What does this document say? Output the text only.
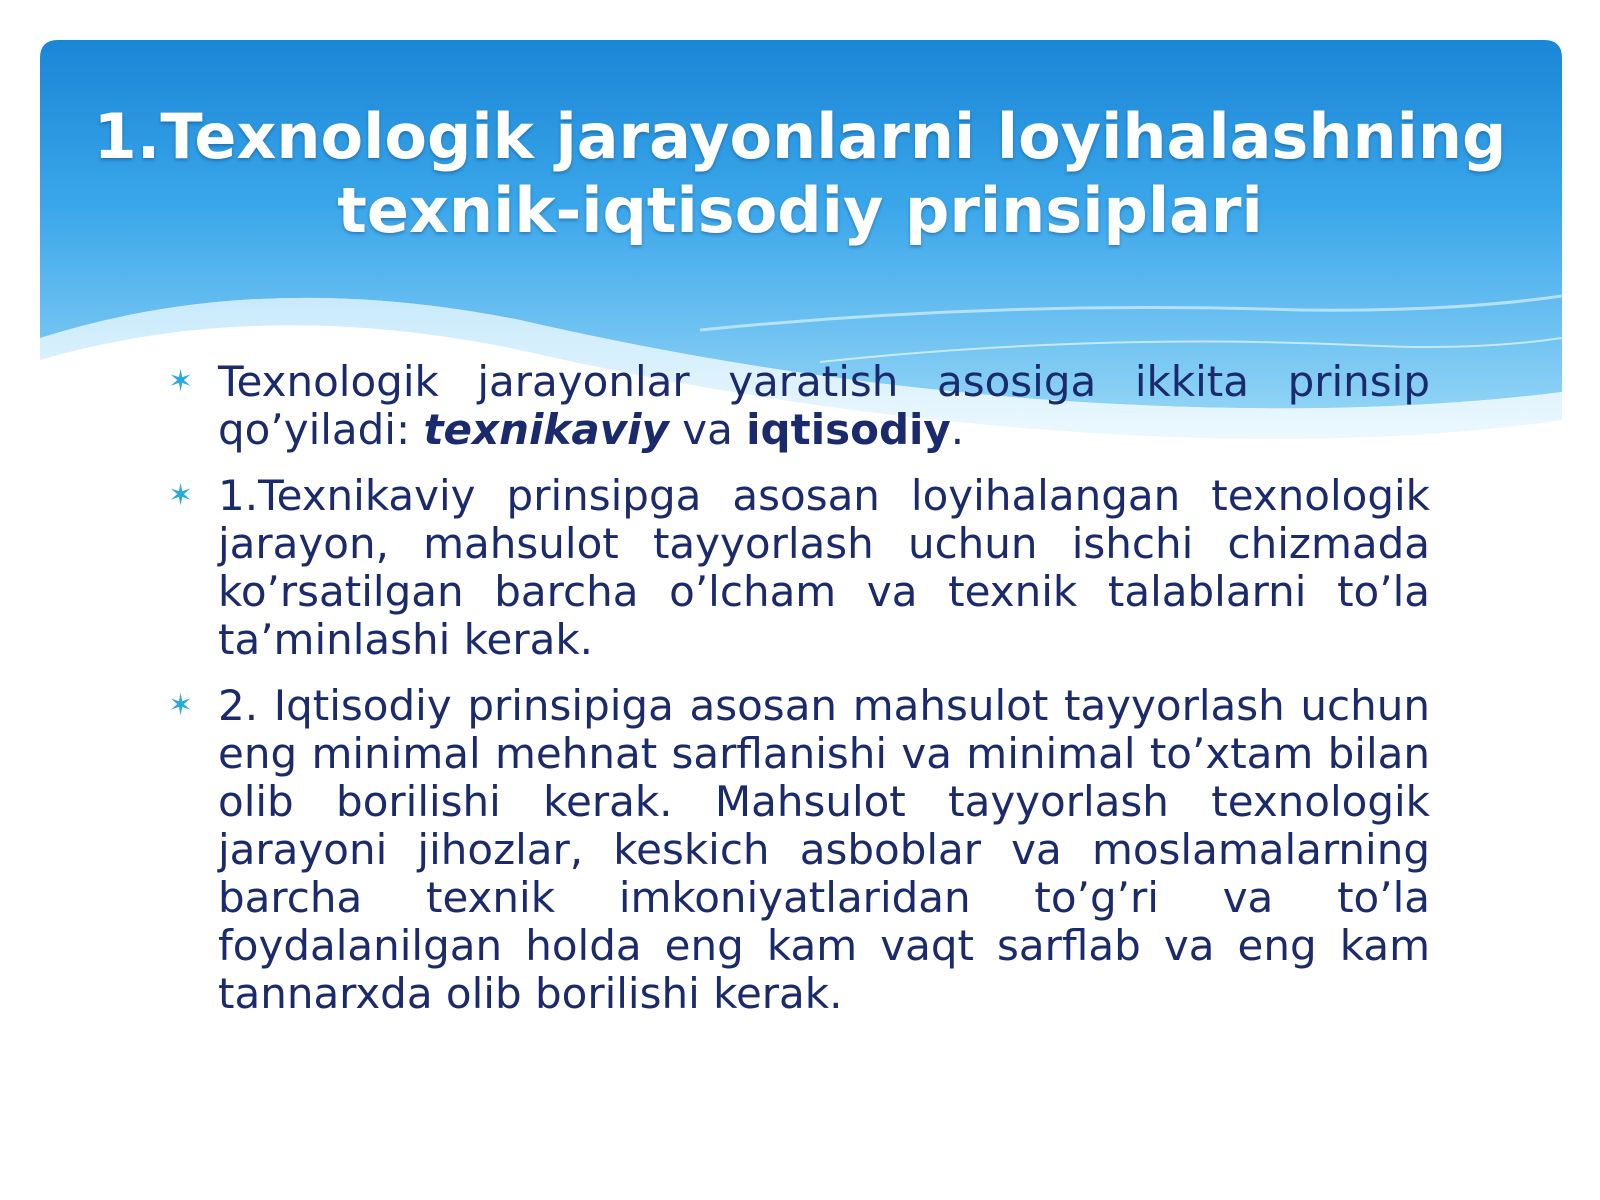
1.Texnologik jarayonlarni loyihalashning
texnik-iqtisodiy prinsiplari
✶ Texnologik jarayonlar yaratish asosiga ikkita prinsip qo’yiladi: texnikaviy va iqtisodiy.

✶ 1.Texnikaviy prinsipga asosan loyihalangan texnologik jarayon, mahsulot tayyorlash uchun ishchi chizmada ko’rsatilgan barcha o’lcham va texnik talablarni to’la ta’minlashi kerak.

✶ 2. Iqtisodiy prinsipiga asosan mahsulot tayyorlash uchun eng minimal mehnat sarflanishi va minimal to’xtam bilan olib borilishi kerak. Mahsulot tayyorlash texnologik jarayoni jihozlar, keskich asboblar va moslamalarning barcha texnik imkoniyatlaridan to’g’ri va to’la foydalanilgan holda eng kam vaqt sarflab va eng kam tannarxda olib borilishi kerak.
